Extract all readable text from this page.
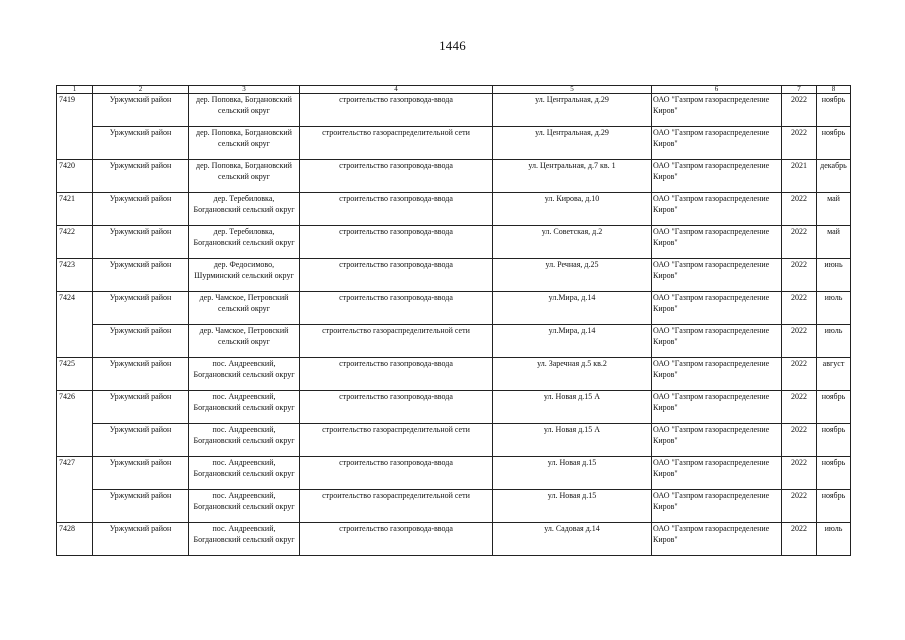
1446
1	2	3	4	5	6	7	8
7419	Уржумский район	дер. Поповка, Богдановский сельский округ	строительство газопровода-ввода	ул. Центральная, д.29	ОАО "Газпром газораспределение Киров"	2022	ноябрь
	Уржумский район	дер. Поповка, Богдановский сельский округ	строительство газораспределительной сети	ул. Центральная, д.29	ОАО "Газпром газораспределение Киров"	2022	ноябрь
7420	Уржумский район	дер. Поповка, Богдановский сельский округ	строительство газопровода-ввода	ул. Центральная, д.7 кв. 1	ОАО "Газпром газораспределение Киров"	2021	декабрь
7421	Уржумский район	дер. Теребиловка, Богдановский сельский округ	строительство газопровода-ввода	ул. Кирова, д.10	ОАО "Газпром газораспределение Киров"	2022	май
7422	Уржумский район	дер. Теребиловка, Богдановский сельский округ	строительство газопровода-ввода	ул. Советская, д.2	ОАО "Газпром газораспределение Киров"	2022	май
7423	Уржумский район	дер. Федосимово, Шурминский сельский округ	строительство газопровода-ввода	ул. Речная, д.25	ОАО "Газпром газораспределение Киров"	2022	июнь
7424	Уржумский район	дер. Чамское, Петровский сельский округ	строительство газопровода-ввода	ул.Мира, д.14	ОАО "Газпром газораспределение Киров"	2022	июль
	Уржумский район	дер. Чамское, Петровский сельский округ	строительство газораспределительной сети	ул.Мира, д.14	ОАО "Газпром газораспределение Киров"	2022	июль
7425	Уржумский район	пос. Андреевский, Богдановский сельский округ	строительство газопровода-ввода	ул. Заречная д.5 кв.2	ОАО "Газпром газораспределение Киров"	2022	август
7426	Уржумский район	пос. Андреевский, Богдановский сельский округ	строительство газопровода-ввода	ул. Новая д.15 А	ОАО "Газпром газораспределение Киров"	2022	ноябрь
	Уржумский район	пос. Андреевский, Богдановский сельский округ	строительство газораспределительной сети	ул. Новая д.15 А	ОАО "Газпром газораспределение Киров"	2022	ноябрь
7427	Уржумский район	пос. Андреевский, Богдановский сельский округ	строительство газопровода-ввода	ул. Новая д.15	ОАО "Газпром газораспределение Киров"	2022	ноябрь
	Уржумский район	пос. Андреевский, Богдановский сельский округ	строительство газораспределительной сети	ул. Новая д.15	ОАО "Газпром газораспределение Киров"	2022	ноябрь
7428	Уржумский район	пос. Андреевский, Богдановский сельский округ	строительство газопровода-ввода	ул. Садовая д.14	ОАО "Газпром газораспределение Киров"	2022	июль
